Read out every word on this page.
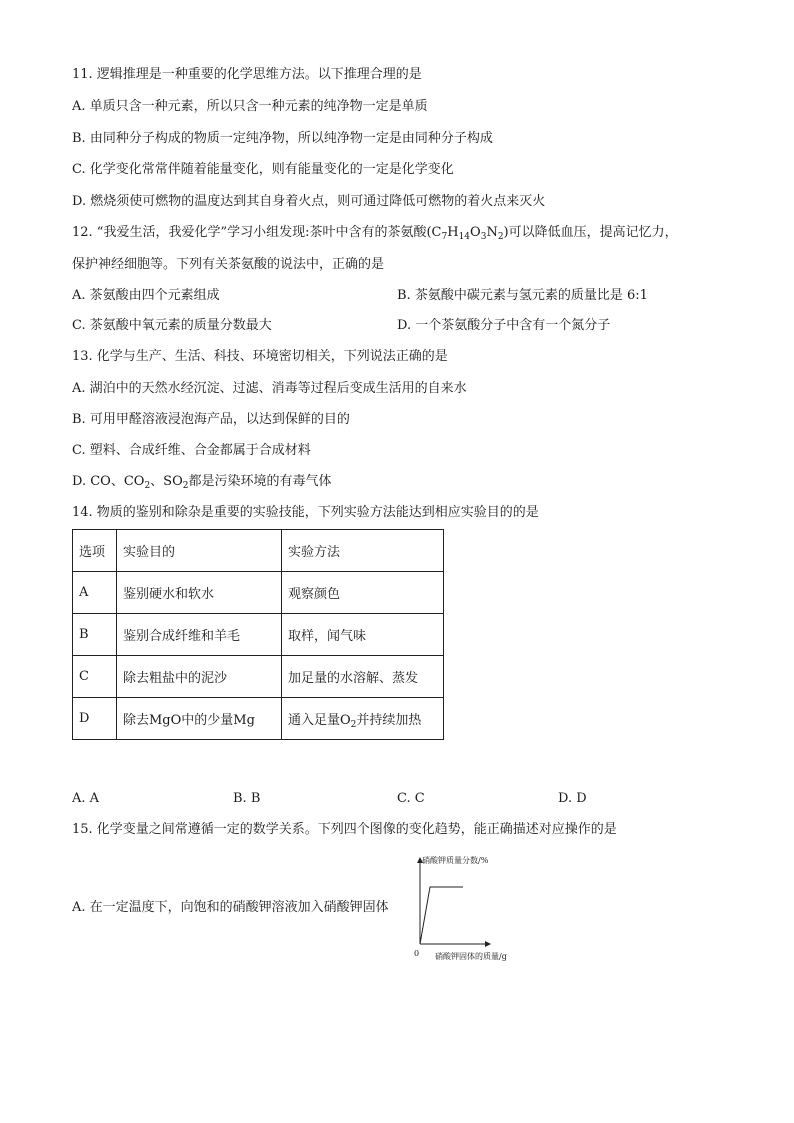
11. 逻辑推理是一种重要的化学思维方法。以下推理合理的是
A. 单质只含一种元素，所以只含一种元素的纯净物一定是单质
B. 由同种分子构成的物质一定纯净物，所以纯净物一定是由同种分子构成
C. 化学变化常常伴随着能量变化，则有能量变化的一定是化学变化
D. 燃烧须使可燃物的温度达到其自身着火点，则可通过降低可燃物的着火点来灭火
12. “我爱生活，我爱化学”学习小组发现:茶叶中含有的茶氨酸$(C_7H_{14}O_3N_2)$可以降低血压，提高记忆力，
保护神经细胞等。下列有关茶氨酸的说法中，正确的是
A. 茶氨酸由四个元素组成	B. 茶氨酸中碳元素与氢元素的质量比是 6:1
C. 茶氨酸中氧元素的质量分数最大	D. 一个茶氨酸分子中含有一个氮分子
13. 化学与生产、生活、科技、环境密切相关，下列说法正确的是
A. 湖泊中的天然水经沉淀、过滤、消毒等过程后变成生活用的自来水
B. 可用甲醛溶液浸泡海产品，以达到保鲜的目的
C. 塑料、合成纤维、合金都属于合成材料
D. CO、$CO_2$、$SO_2$都是污染环境的有毒气体
14. 物质的鉴别和除杂是重要的实验技能，下列实验方法能达到相应实验目的的是
选项	实验目的	实验方法
A	鉴别硬水和软水	观察颜色
B	鉴别合成纤维和羊毛	取样，闻气味
C	除去粗盐中的泥沙	加足量的水溶解、蒸发
D	除去MgO中的少量Mg	通入足量$O_2$并持续加热
A. A	B. B	C. C	D. D
15. 化学变量之间常遵循一定的数学关系。下列四个图像的变化趋势，能正确描述对应操作的是
A. 在一定温度下，向饱和的硝酸钾溶液加入硝酸钾固体
硝酸钾质量分数/%
0 硝酸钾固体的质量/g
